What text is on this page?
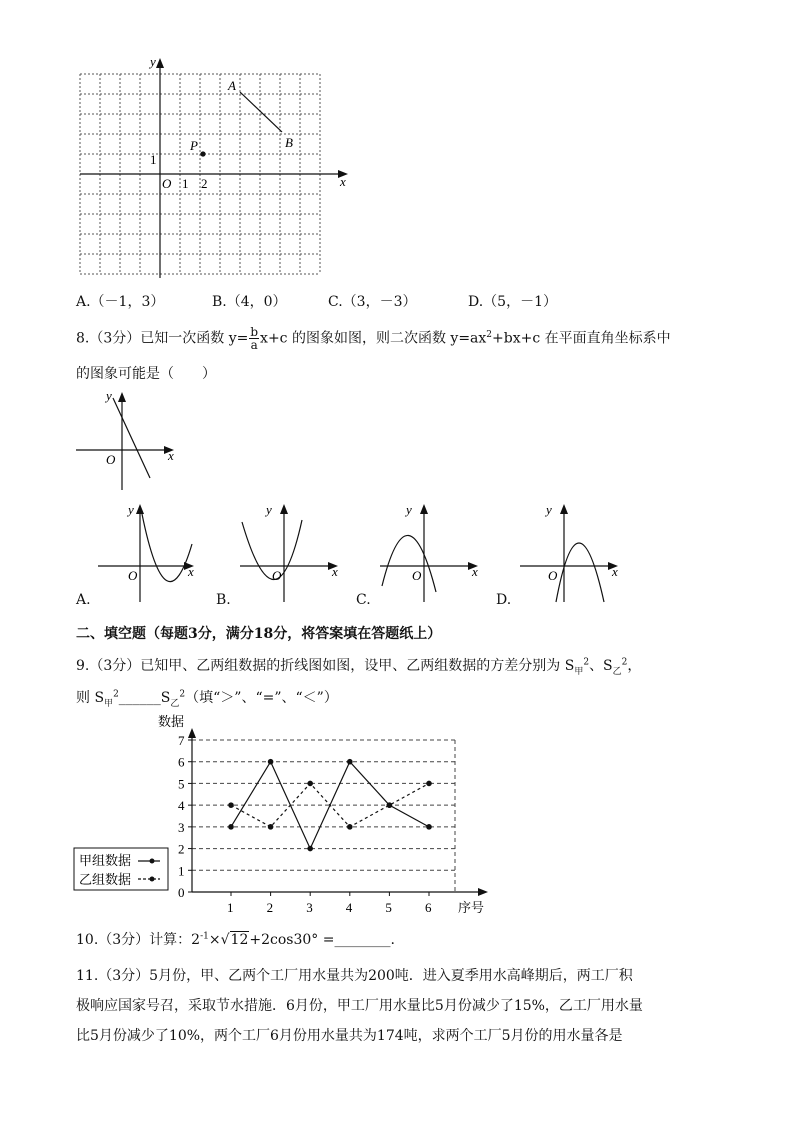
x
y
O 1 2
1
A
B
P
A.（－1，3）	B.（4，0）	C.（3，－3）	D.（5，－1）
8.（3分）已知一次函数 $y= \frac{b}{a} x+c$ 的图象如图，则二次函数 $y=ax^2+bx+c$ 在平面直角坐标系中
的图象可能是（　　）
x
y
O
x
y
O	x
y
O	x
y
O	x
y
O
A.	B.	C.	D.
二、填空题（每题3分，满分18分，将答案填在答题纸上）
9.（3分）已知甲、乙两组数据的折线图如图，设甲、乙两组数据的方差分别为 $S_甲^2$、$S_乙^2$，
则 $S_甲^2\_\_\_\_\_\_S_乙^2$（填“＞”、“=”、“＜”）
0
1
2
3
4
5
6
7
1	2	3	4	5	6
数据
序号
甲组数据
乙组数据
10.（3分）计算：$2^{-1}\times√12+2\cos 30^\circ$ =________.
11.（3分）5月份，甲、乙两个工厂用水量共为200吨．进入夏季用水高峰期后，两工厂积
极响应国家号召，采取节水措施．6月份，甲工厂用水量比5月份减少了15%，乙工厂用水量
比5月份减少了10%，两个工厂6月份用水量共为174吨，求两个工厂5月份的用水量各是
